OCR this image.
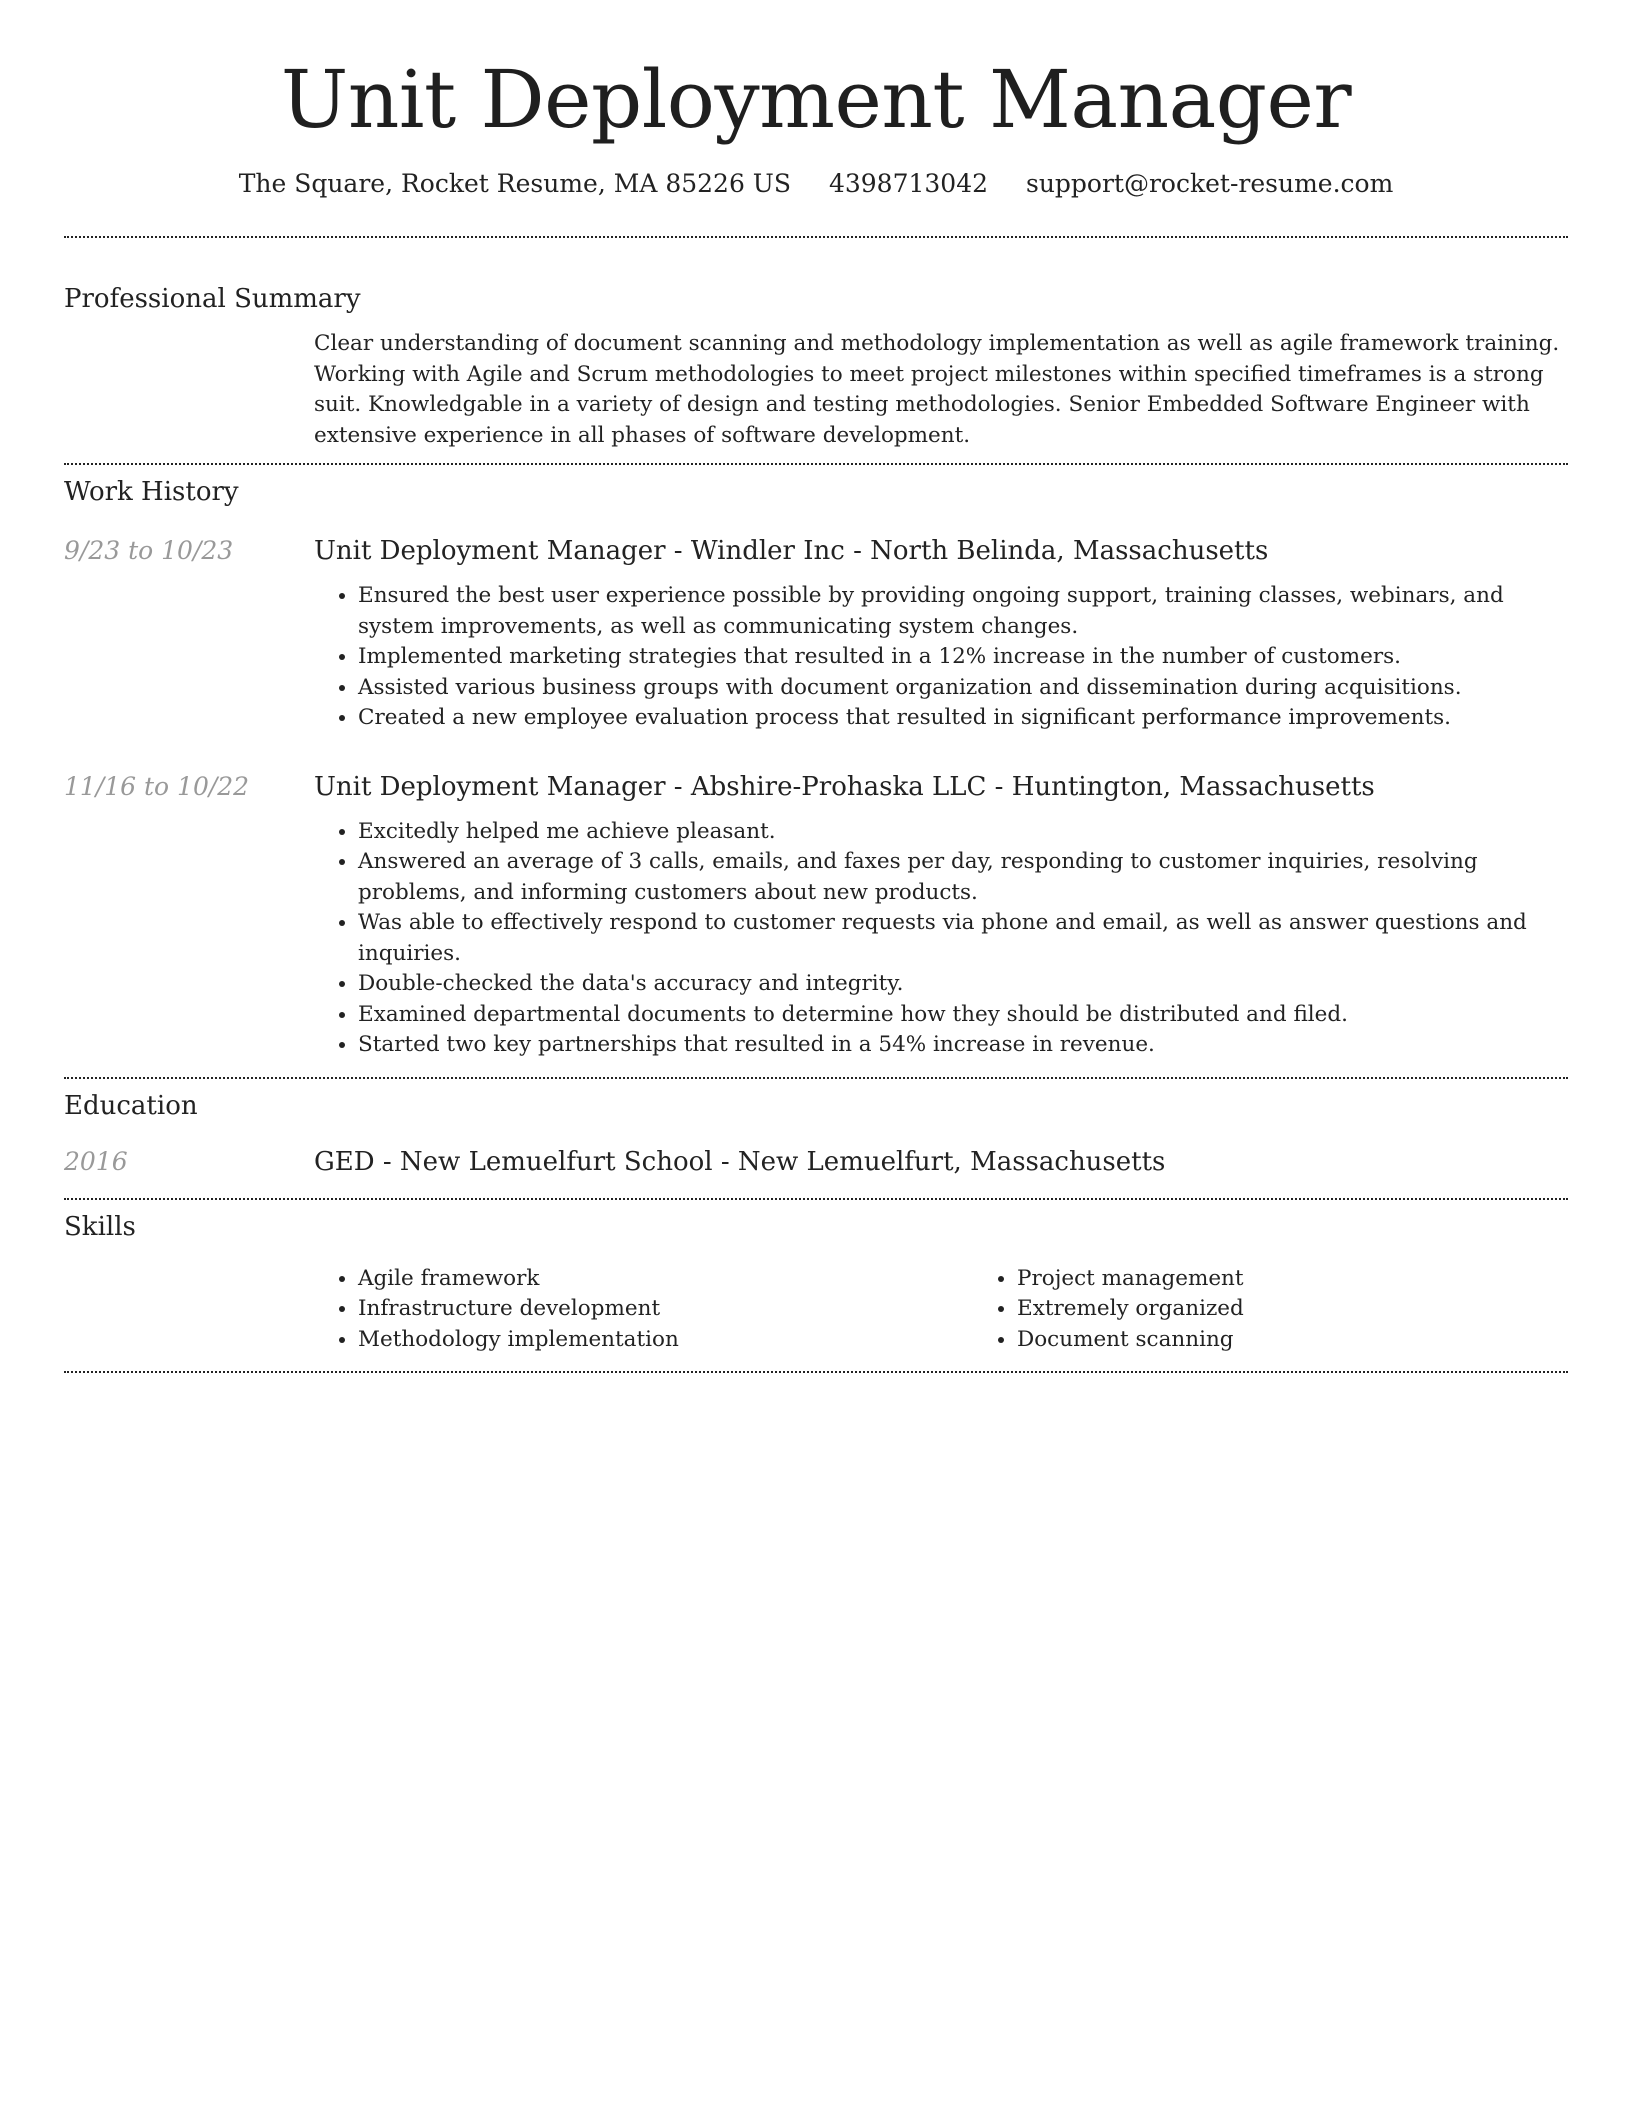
Unit Deployment Manager
The Square, Rocket Resume, MA 85226 US 4398713042 support@rocket-resume.com
Professional Summary

Clear understanding of document scanning and methodology implementation as well as agile framework training. Working with Agile and Scrum methodologies to meet project milestones within specified timeframes is a strong suit. Knowledgable in a variety of design and testing methodologies. Senior Embedded Software Engineer with extensive experience in all phases of software development.

Work History
9/23 to 10/23	Unit Deployment Manager - Windler Inc - North Belinda, Massachusetts
• Ensured the best user experience possible by providing ongoing support, training classes, webinars, and system improvements, as well as communicating system changes.
• Implemented marketing strategies that resulted in a 12% increase in the number of customers.
• Assisted various business groups with document organization and dissemination during acquisitions.
• Created a new employee evaluation process that resulted in significant performance improvements.
11/16 to 10/22	Unit Deployment Manager - Abshire-Prohaska LLC - Huntington, Massachusetts
• Excitedly helped me achieve pleasant.
• Answered an average of 3 calls, emails, and faxes per day, responding to customer inquiries, resolving problems, and informing customers about new products.
• Was able to effectively respond to customer requests via phone and email, as well as answer questions and inquiries.
• Double-checked the data's accuracy and integrity.
• Examined departmental documents to determine how they should be distributed and filed.
• Started two key partnerships that resulted in a 54% increase in revenue.
Education
2016	GED - New Lemuelfurt School - New Lemuelfurt, Massachusetts
Skills
• Agile framework
• Infrastructure development
• Methodology implementation
• Project management
• Extremely organized
• Document scanning
